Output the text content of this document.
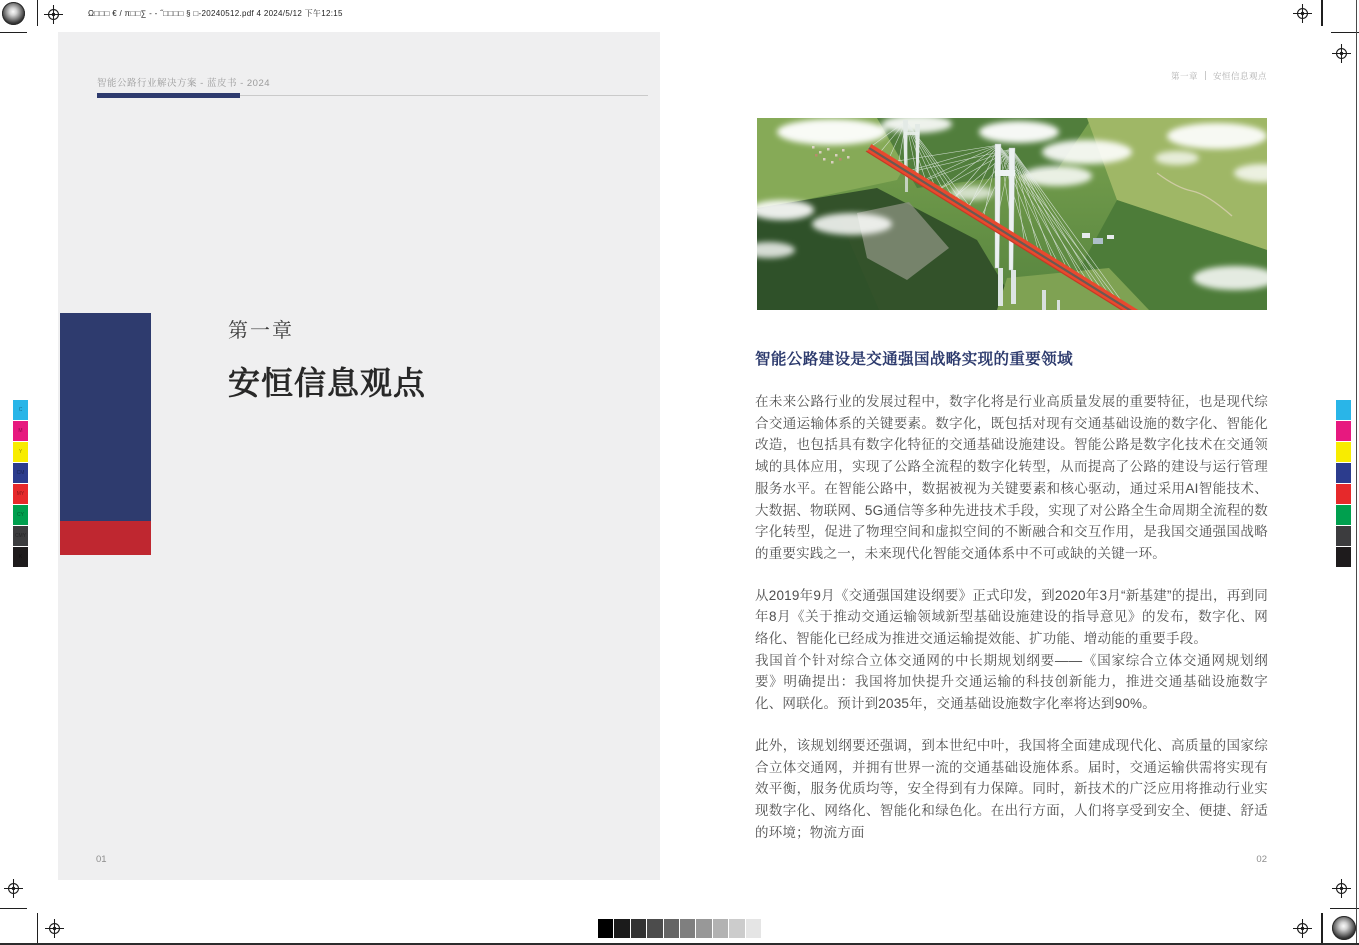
Ω□□□ € / π□□∑ - - ˝□□□□ § □-20240512.pdf 4 2024/5/12 下午12:15
C
M
Y
CM
MY
CY
CMY
K
智能公路行业解决方案 - 蓝皮书 - 2024
第一章
安恒信息观点
01
第一章 安恒信息观点
智能公路建设是交通强国战略实现的重要领域

在未来公路行业的发展过程中，数字化将是行业高质量发展的重要特征，也是现代综合交通运输体系的关键要素。数字化，既包括对现有交通基础设施的数字化、智能化改造，也包括具有数字化特征的交通基础设施建设。智能公路是数字化技术在交通领域的具体应用，实现了公路全流程的数字化转型，从而提高了公路的建设与运行管理服务水平。在智能公路中，数据被视为关键要素和核心驱动，通过采用AI智能技术、大数据、物联网、5G通信等多种先进技术手段，实现了对公路全生命周期全流程的数字化转型，促进了物理空间和虚拟空间的不断融合和交互作用，是我国交通强国战略的重要实践之一，未来现代化智能交通体系中不可或缺的关键一环。

从2019年9月《交通强国建设纲要》正式印发，到2020年3月“新基建”的提出，再到同年8月《关于推动交通运输领域新型基础设施建设的指导意见》的发布，数字化、网络化、智能化已经成为推进交通运输提效能、扩功能、增动能的重要手段。

我国首个针对综合立体交通网的中长期规划纲要——《国家综合立体交通网规划纲要》明确提出：我国将加快提升交通运输的科技创新能力，推进交通基础设施数字化、网联化。预计到2035年，交通基础设施数字化率将达到90%。

此外，该规划纲要还强调，到本世纪中叶，我国将全面建成现代化、高质量的国家综合立体交通网，并拥有世界一流的交通基础设施体系。届时，交通运输供需将实现有效平衡，服务优质均等，安全得到有力保障。同时，新技术的广泛应用将推动行业实现数字化、网络化、智能化和绿色化。在出行方面，人们将享受到安全、便捷、舒适的环境；物流方面

02
